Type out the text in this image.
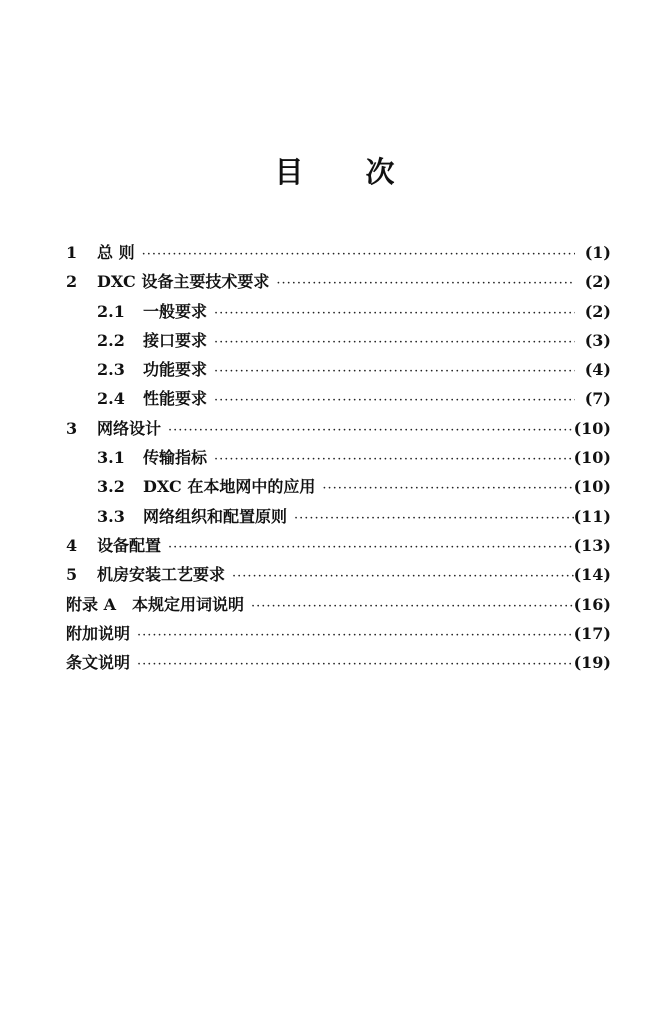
目 次
1	总 则 ·····	(1)
2	DXC 设备主要技术要求 ·····	(2)
2.1	一般要求 ·····	(2)
2.2	接口要求 ·····	(3)
2.3	功能要求 ·····	(4)
2.4	性能要求 ·····	(7)
3	网络设计 ·····	(10)
3.1	传输指标 ·····	(10)
3.2	DXC 在本地网中的应用 ·····	(10)
3.3	网络组织和配置原则 ·····	(11)
4	设备配置 ·····	(13)
5	机房安装工艺要求 ·····	(14)
附录 A　本规定用词说明 ·····	(16)
附加说明 ·····	(17)
条文说明 ·····	(19)
